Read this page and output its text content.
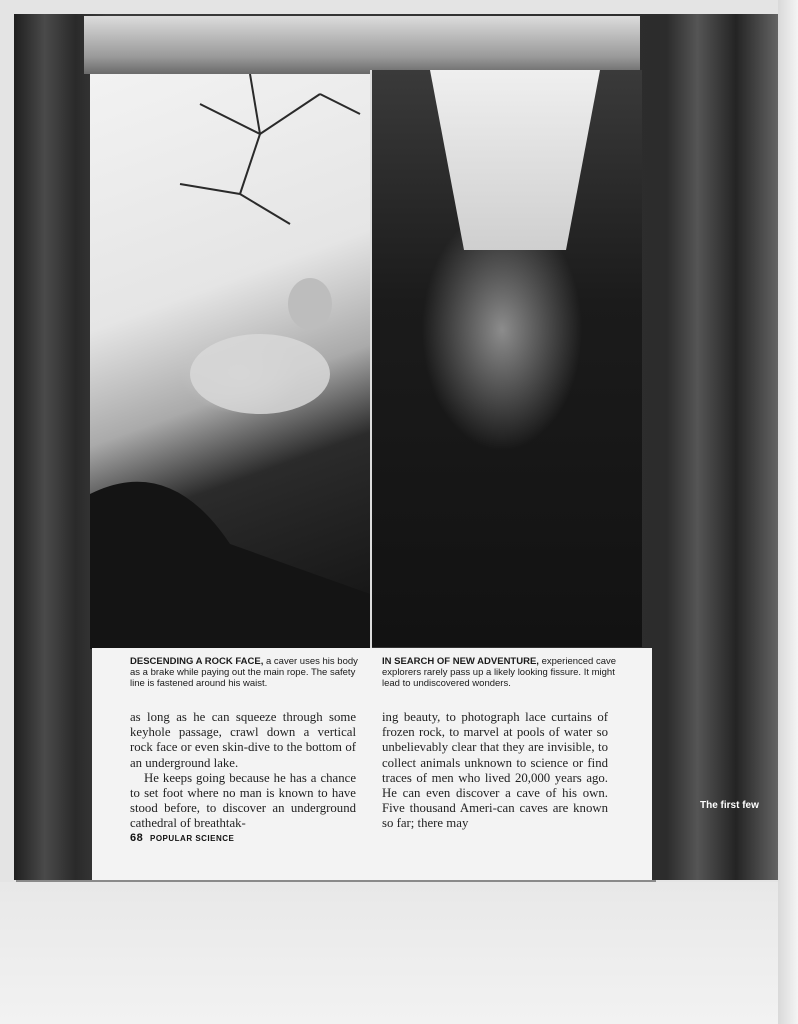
DESCENDING A ROCK FACE, a caver uses his body as a brake while paying out the main rope. The safety line is fastened around his waist.

IN SEARCH OF NEW ADVENTURE, experienced cave explorers rarely pass up a likely looking fissure. It might lead to undiscovered wonders.

as long as he can squeeze through some keyhole passage, crawl down a vertical rock face or even skin-dive to the bottom of an underground lake.

He keeps going because he has a chance to set foot where no man is known to have stood before, to discover an underground cathedral of breathtak-

ing beauty, to photograph lace curtains of frozen rock, to marvel at pools of water so unbelievably clear that they are invisible, to collect animals unknown to science or find traces of men who lived 20,000 years ago. He can even discover a cave of his own. Five thousand Ameri-can caves are known so far; there may

68 POPULAR SCIENCE
The first few
